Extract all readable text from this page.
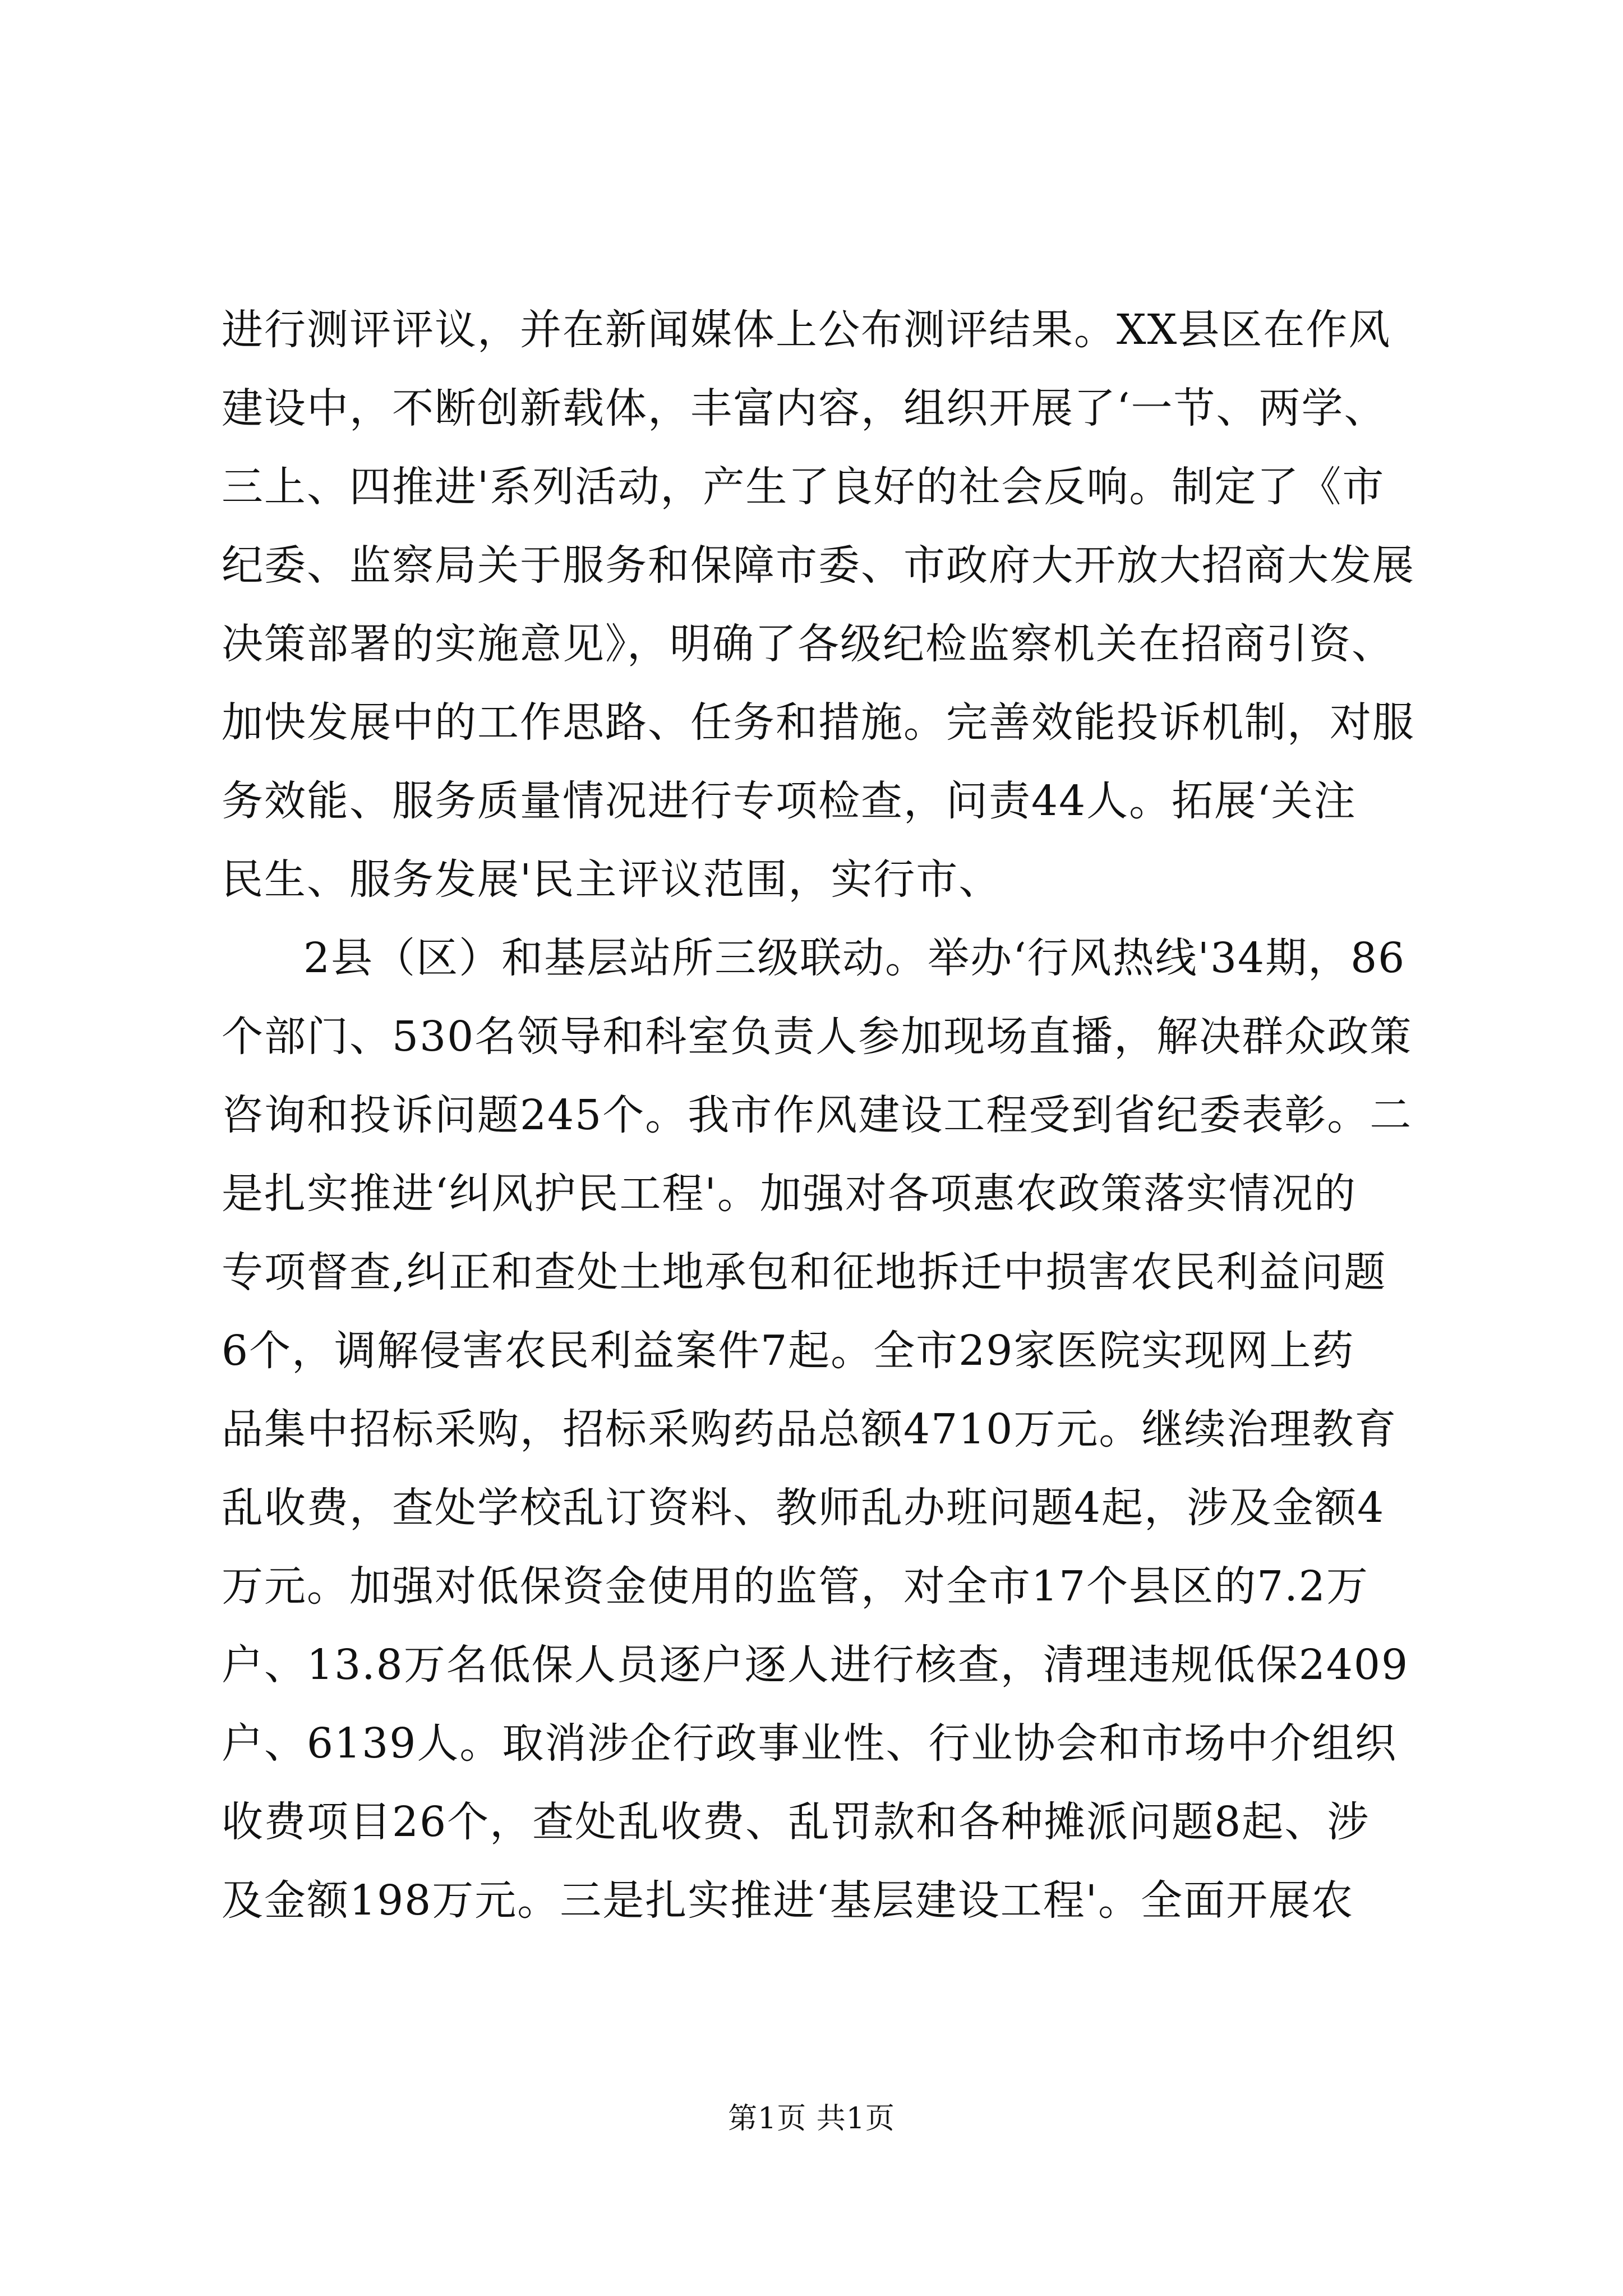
进行测评评议，并在新闻媒体上公布测评结果。XX县区在作风
建设中，不断创新载体，丰富内容，组织开展了‘一节、两学、
三上、四推进'系列活动，产生了良好的社会反响。制定了《市
纪委、监察局关于服务和保障市委、市政府大开放大招商大发展
决策部署的实施意见》，明确了各级纪检监察机关在招商引资、
加快发展中的工作思路、任务和措施。完善效能投诉机制，对服
务效能、服务质量情况进行专项检查，问责44人。拓展‘关注
民生、服务发展'民主评议范围，实行市、
2县（区）和基层站所三级联动。举办‘行风热线'34期，86
个部门、530名领导和科室负责人参加现场直播，解决群众政策
咨询和投诉问题245个。我市作风建设工程受到省纪委表彰。二
是扎实推进‘纠风护民工程'。加强对各项惠农政策落实情况的
专项督查,纠正和查处土地承包和征地拆迁中损害农民利益问题
6个，调解侵害农民利益案件7起。全市29家医院实现网上药
品集中招标采购，招标采购药品总额4710万元。继续治理教育
乱收费，查处学校乱订资料、教师乱办班问题4起，涉及金额4
万元。加强对低保资金使用的监管，对全市17个县区的7.2万
户、13.8万名低保人员逐户逐人进行核查，清理违规低保2409
户、6139人。取消涉企行政事业性、行业协会和市场中介组织
收费项目26个，查处乱收费、乱罚款和各种摊派问题8起、涉
及金额198万元。三是扎实推进‘基层建设工程'。全面开展农
第1页 共1页
